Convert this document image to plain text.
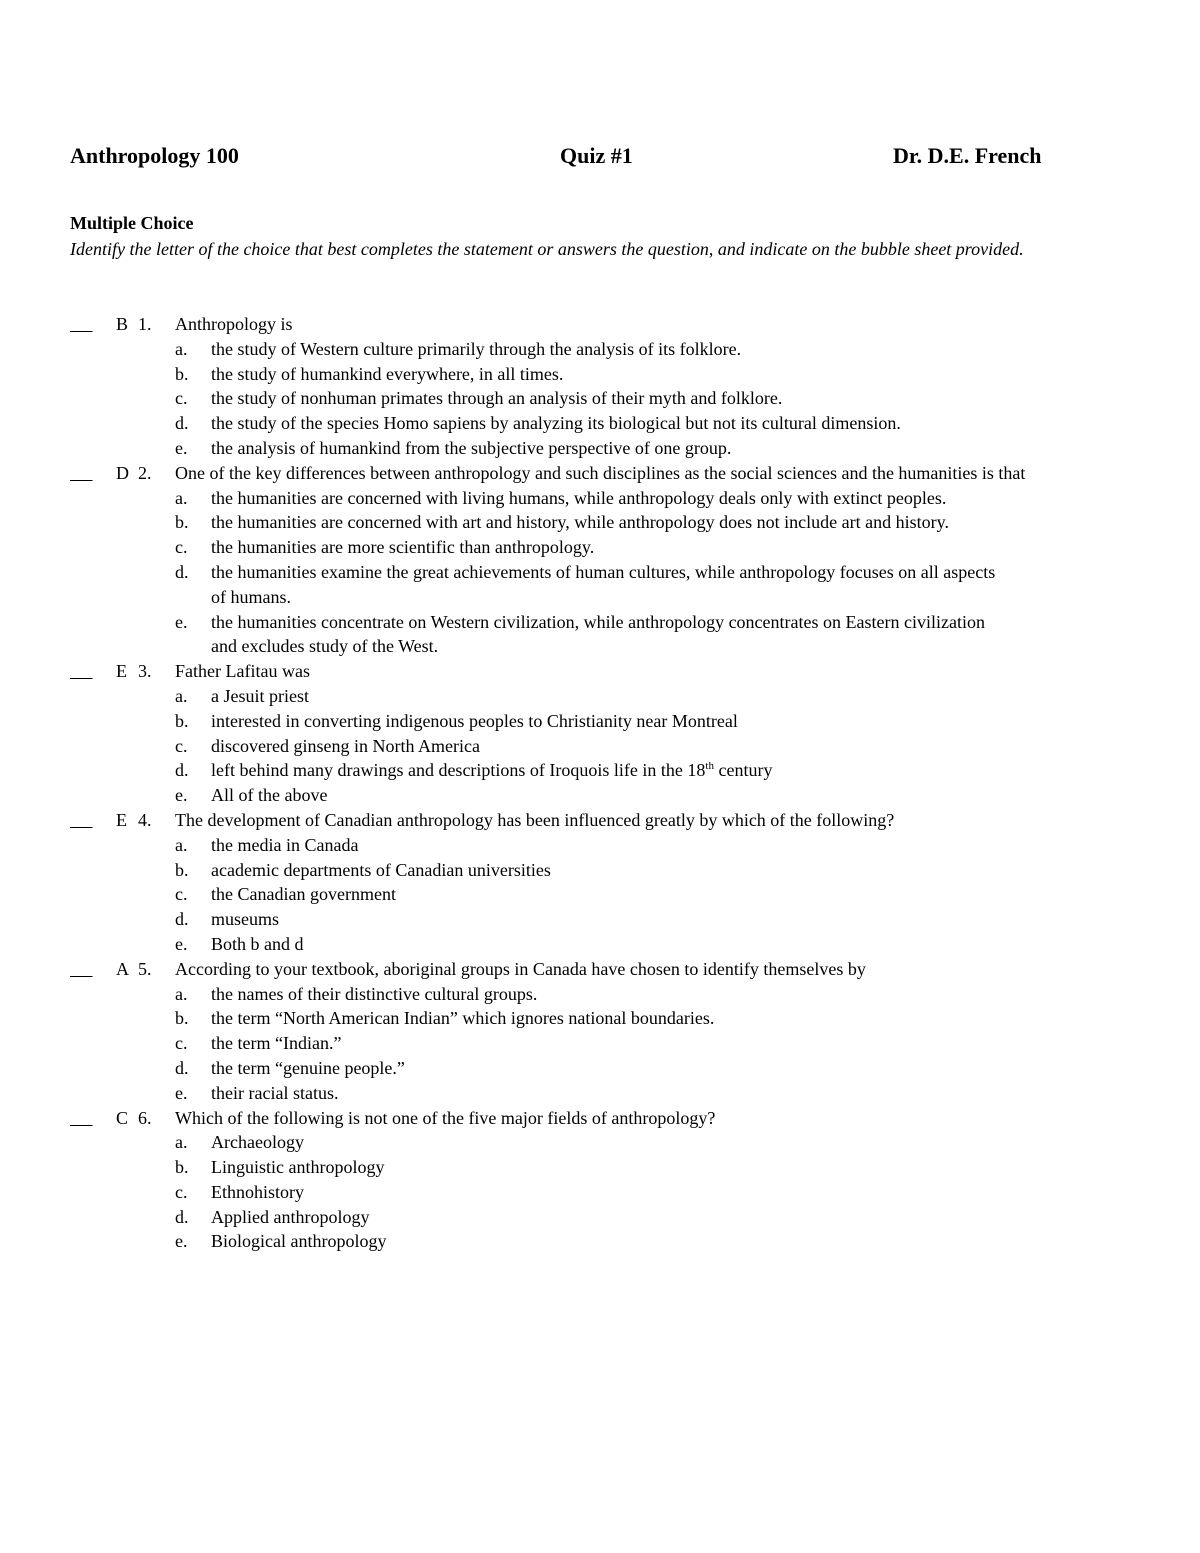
Anthropology 100	Quiz #1	Dr. D.E. French
Multiple Choice
Identify the letter of the choice that best completes the statement or answers the question, and indicate on the bubble sheet provided.

B 1.	Anthropology is
a.	the study of Western culture primarily through the analysis of its folklore.
b.	the study of humankind everywhere, in all times.
c.	the study of nonhuman primates through an analysis of their myth and folklore.
d.	the study of the species Homo sapiens by analyzing its biological but not its cultural dimension.
e.	the analysis of humankind from the subjective perspective of one group.

D 2.	One of the key differences between anthropology and such disciplines as the social sciences and the humanities is that
a.	the humanities are concerned with living humans, while anthropology deals only with extinct peoples.
b.	the humanities are concerned with art and history, while anthropology does not include art and history.
c.	the humanities are more scientific than anthropology.
d.	the humanities examine the great achievements of human cultures, while anthropology focuses on all aspects of humans.
e.	the humanities concentrate on Western civilization, while anthropology concentrates on Eastern civilization and excludes study of the West.

E 3.	Father Lafitau was
a.	a Jesuit priest
b.	interested in converting indigenous peoples to Christianity near Montreal
c.	discovered ginseng in North America
d.	left behind many drawings and descriptions of Iroquois life in the 18th century
e.	All of the above

E 4.	The development of Canadian anthropology has been influenced greatly by which of the following?
a.	the media in Canada
b.	academic departments of Canadian universities
c.	the Canadian government
d.	museums
e.	Both b and d

A 5.	According to your textbook, aboriginal groups in Canada have chosen to identify themselves by
a.	the names of their distinctive cultural groups.
b.	the term “North American Indian” which ignores national boundaries.
c.	the term “Indian.”
d.	the term “genuine people.”
e.	their racial status.

C 6.	Which of the following is not one of the five major fields of anthropology?
a.	Archaeology
b.	Linguistic anthropology
c.	Ethnohistory
d.	Applied anthropology
e.	Biological anthropology
